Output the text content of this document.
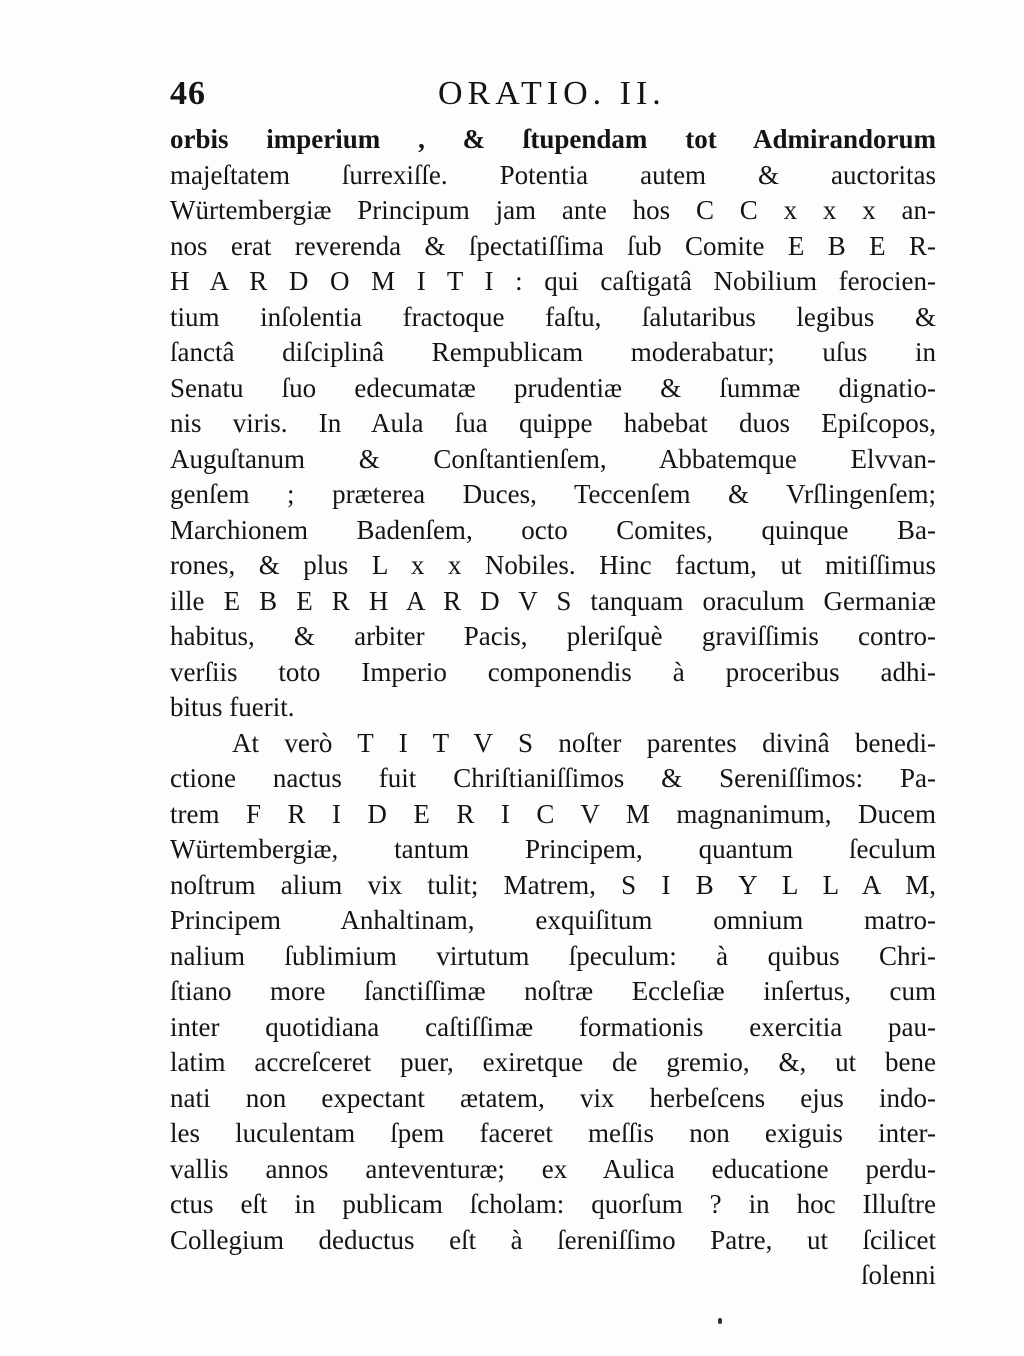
46	ORATIO. II.
orbis imperium , & ſtupendam tot Admirandorum
majeſtatem ſurrexiſſe. Potentia autem & auctoritas
Würtembergiæ Principum jam ante hos C C x x x an-
nos erat reverenda & ſpectatiſſima ſub Comite E B E R-
H A R D O M I T I : qui caſtigatâ Nobilium ferocien-
tium inſolentia fractoque faſtu, ſalutaribus legibus &
ſanctâ diſciplinâ Rempublicam moderabatur; uſus in
Senatu ſuo edecumatæ prudentiæ & ſummæ dignatio-
nis viris. In Aula ſua quippe habebat duos Epiſcopos,
Auguſtanum & Conſtantienſem, Abbatemque Elvvan-
genſem ; præterea Duces, Teccenſem & Vrſlingenſem;
Marchionem Badenſem, octo Comites, quinque Ba-
rones, & plus L x x Nobiles. Hinc factum, ut mitiſſimus
ille E B E R H A R D V S tanquam oraculum Germaniæ
habitus, & arbiter Pacis, pleriſquè graviſſimis contro-
verſiis toto Imperio componendis à proceribus adhi-
bitus fuerit.
At verò T I T V S noſter parentes divinâ benedi-
ctione nactus fuit Chriſtianiſſimos & Sereniſſimos: Pa-
trem F R I D E R I C V M magnanimum, Ducem
Würtembergiæ, tantum Principem, quantum ſeculum
noſtrum alium vix tulit; Matrem, S I B Y L L A M,
Principem Anhaltinam, exquiſitum omnium matro-
nalium ſublimium virtutum ſpeculum: à quibus Chri-
ſtiano more ſanctiſſimæ noſtræ Eccleſiæ inſertus, cum
inter quotidiana caſtiſſimæ formationis exercitia pau-
latim accreſceret puer, exiretque de gremio, &, ut bene
nati non expectant ætatem, vix herbeſcens ejus indo-
les luculentam ſpem faceret meſſis non exiguis inter-
vallis annos anteventuræ; ex Aulica educatione perdu-
ctus eſt in publicam ſcholam: quorſum ? in hoc Illuſtre
Collegium deductus eſt à ſereniſſimo Patre, ut ſcilicet
ſolenni
